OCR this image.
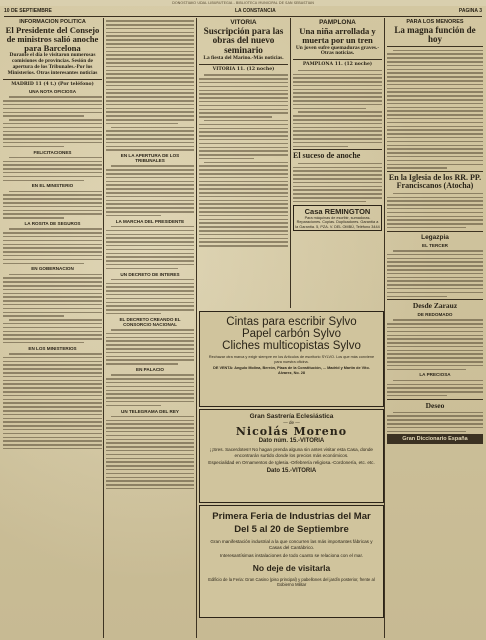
DONOSTIAKO UDAL LIBURUTEGIA - BIBLIOTECA MUNICIPAL DE SAN SEBASTIAN
10 DE SEPTIEMBRE	LA CONSTANCIA	PAGINA 3
INFORMACION POLITICA
El Presidente del Consejo de ministros salió anoche para Barcelona
Durante el día le visitaron numerosas comisiones de provincias. Sesión de apertura de los Tribunales.-Por los Ministerios. Otras interesantes noticias
MADRID 11 (4 t.) (Por teléfono)
UNA NOTA OFICIOSA
FELICITACIONES
EN EL MINISTERIO
LA ROSITA DE SEGUROS
EN GOBERNACION
EN LOS MINISTERIOS
EN LA APERTURA DE LOS TRIBUNALES
LA MARCHA DEL PRESIDENTE
UN DECRETO DE INTERES
EL DECRETO CREANDO EL CONSORCIO NACIONAL
EN PALACIO
UN TELEGRAMA DEL REY
VITORIA
Suscripción para las obras del nuevo seminario
La fiesta del Marino.-Más noticias.
VITORIA 11. (12 noche)
PAMPLONA
Una niña arrollada y muerta por un tren
Un joven sufre quemaduras graves.-Otras noticias.
PAMPLONA 11. (12 noche)
El suceso de anoche
Casa REMINGTON
Para máquinas de escribir, sumadoras. Reparaciones. Copias. Duplicadores. Garantía a la Garantía. 5, PZA. V. DEL OMBÚ, Teléfono 3444
PARA LOS MENORES
La magna función de hoy
En la Iglesia de los RR. PP. Franciscanos (Atocha)
Legazpia
EL TERCER
Desde Zarauz
DE REDOMADO
LA PRECIOSA
Deseo
Gran Diccionario España
Cintas para escribir Sylvo
Papel carbón Sylvo
Cliches multicopistas Sylvo
Rechazar otra marca y exigir siempre en los Artículos de escritorio SYLVO. Los que más conviene para nuestra oficina.
DE VENTA: Angulo Molina, Berrón, Plaza de la Constitución, ... Madrid y Martín de Vito. Alvarez, No. 28
Gran Sastrería Eclesiástica
— de —
Nicolás Moreno
Dato núm. 15.-VITORIA
¡¡Sres. Sacerdotes!! No hagan prenda alguna sin antes visitar esta Casa, donde encontrarán surtido donde los precios más económicos.
Especialidad en Ornamentos de Iglesia.-Orfebrería religiosa.-Cordonería, etc. etc.
Dato 15.-VITORIA
Primera Feria de Industrias del Mar
Del 5 al 20 de Septiembre
Gran manifestación industrial a la que concurren las más importantes fábricas y Casas del Cantábrico.
Interesantísimas instalaciones de todo cuanto se relaciona con el mar.
No deje de visitarla
Edificio de la Feria: Gran Casino (piso principal) y pabellones del jardín posterior, frente al Gobierno Militar
